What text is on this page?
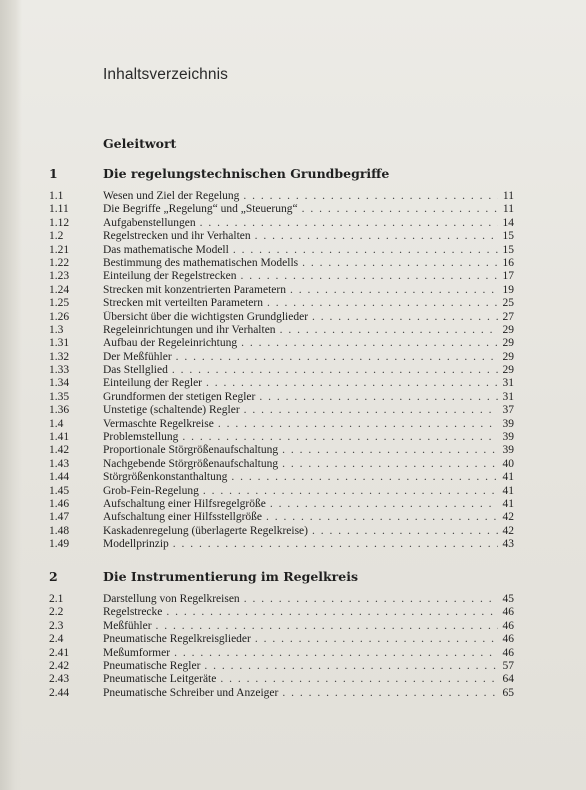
Inhaltsverzeichnis
Geleitwort
1	Die regelungstechnischen Grundbegriffe
1.1	Wesen und Ziel der Regelung . . .	11
1.11	Die Begriffe „Regelung“ und „Steuerung“ . . .	11
1.12	Aufgabenstellungen . . .	14
1.2	Regelstrecken und ihr Verhalten . . .	15
1.21	Das mathematische Modell . . .	15
1.22	Bestimmung des mathematischen Modells . . .	16
1.23	Einteilung der Regelstrecken . . .	17
1.24	Strecken mit konzentrierten Parametern . . .	19
1.25	Strecken mit verteilten Parametern . . .	25
1.26	Übersicht über die wichtigsten Grundglieder . . .	27
1.3	Regeleinrichtungen und ihr Verhalten . . .	29
1.31	Aufbau der Regeleinrichtung . . .	29
1.32	Der Meßfühler . . .	29
1.33	Das Stellglied . . .	29
1.34	Einteilung der Regler . . .	31
1.35	Grundformen der stetigen Regler . . .	31
1.36	Unstetige (schaltende) Regler . . .	37
1.4	Vermaschte Regelkreise . . .	39
1.41	Problemstellung . . .	39
1.42	Proportionale Störgrößenaufschaltung . . .	39
1.43	Nachgebende Störgrößenaufschaltung . . .	40
1.44	Störgrößenkonstanthaltung . . .	41
1.45	Grob-Fein-Regelung . . .	41
1.46	Aufschaltung einer Hilfsregelgröße . . .	41
1.47	Aufschaltung einer Hilfsstellgröße . . .	42
1.48	Kaskadenregelung (überlagerte Regelkreise) . . .	42
1.49	Modellprinzip . . .	43
2	Die Instrumentierung im Regelkreis
2.1	Darstellung von Regelkreisen . . .	45
2.2	Regelstrecke . . .	46
2.3	Meßfühler . . .	46
2.4	Pneumatische Regelkreisglieder . . .	46
2.41	Meßumformer . . .	46
2.42	Pneumatische Regler . . .	57
2.43	Pneumatische Leitgeräte . . .	64
2.44	Pneumatische Schreiber und Anzeiger . . .	65
